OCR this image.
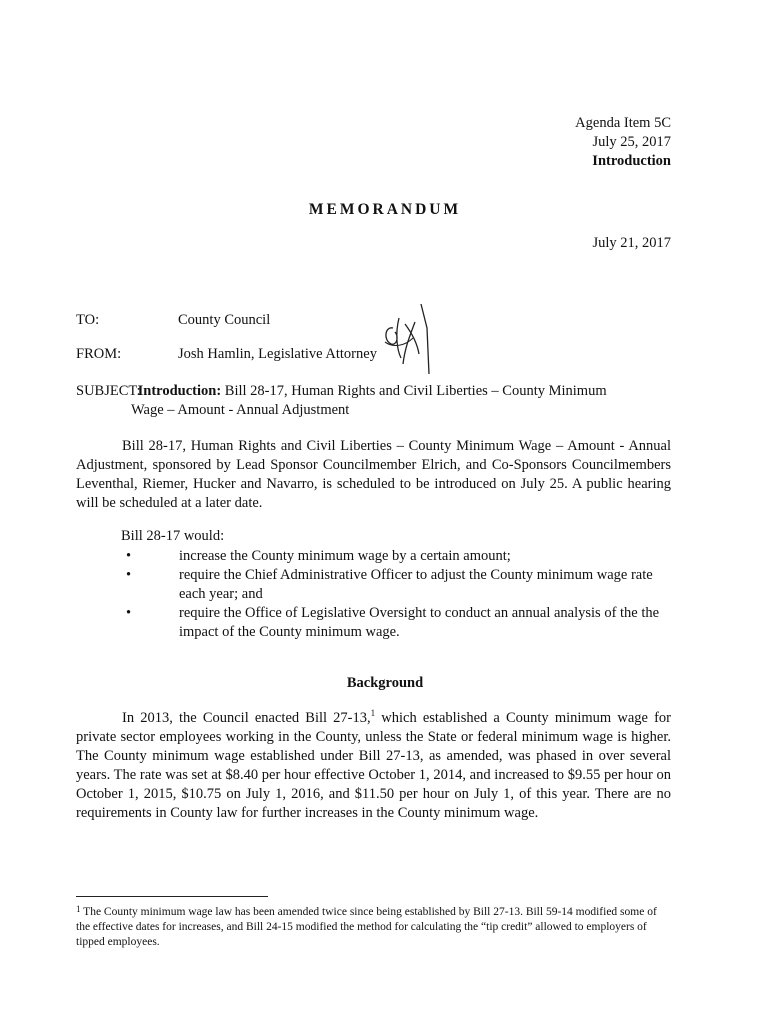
Agenda Item 5C
July 25, 2017
Introduction
MEMORANDUM
July 21, 2017
TO:	County Council
FROM:	Josh Hamlin, Legislative Attorney
SUBJECT: Introduction: Bill 28-17, Human Rights and Civil Liberties – County Minimum
Wage – Amount - Annual Adjustment
Bill 28-17, Human Rights and Civil Liberties – County Minimum Wage – Amount - Annual Adjustment, sponsored by Lead Sponsor Councilmember Elrich, and Co-Sponsors Councilmembers Leventhal, Riemer, Hucker and Navarro, is scheduled to be introduced on July 25. A public hearing will be scheduled at a later date.
Bill 28-17 would:
•	increase the County minimum wage by a certain amount;
•	require the Chief Administrative Officer to adjust the County minimum wage rate each year; and
•	require the Office of Legislative Oversight to conduct an annual analysis of the the impact of the County minimum wage.
Background
In 2013, the Council enacted Bill 27-13,$^1$ which established a County minimum wage for private sector employees working in the County, unless the State or federal minimum wage is higher. The County minimum wage established under Bill 27-13, as amended, was phased in over several years. The rate was set at $8.40 per hour effective October 1, 2014, and increased to $9.55 per hour on October 1, 2015, $10.75 on July 1, 2016, and $11.50 per hour on July 1, of this year. There are no requirements in County law for further increases in the County minimum wage.
$^1$ The County minimum wage law has been amended twice since being established by Bill 27-13. Bill 59-14 modified some of the effective dates for increases, and Bill 24-15 modified the method for calculating the “tip credit” allowed to employers of tipped employees.
